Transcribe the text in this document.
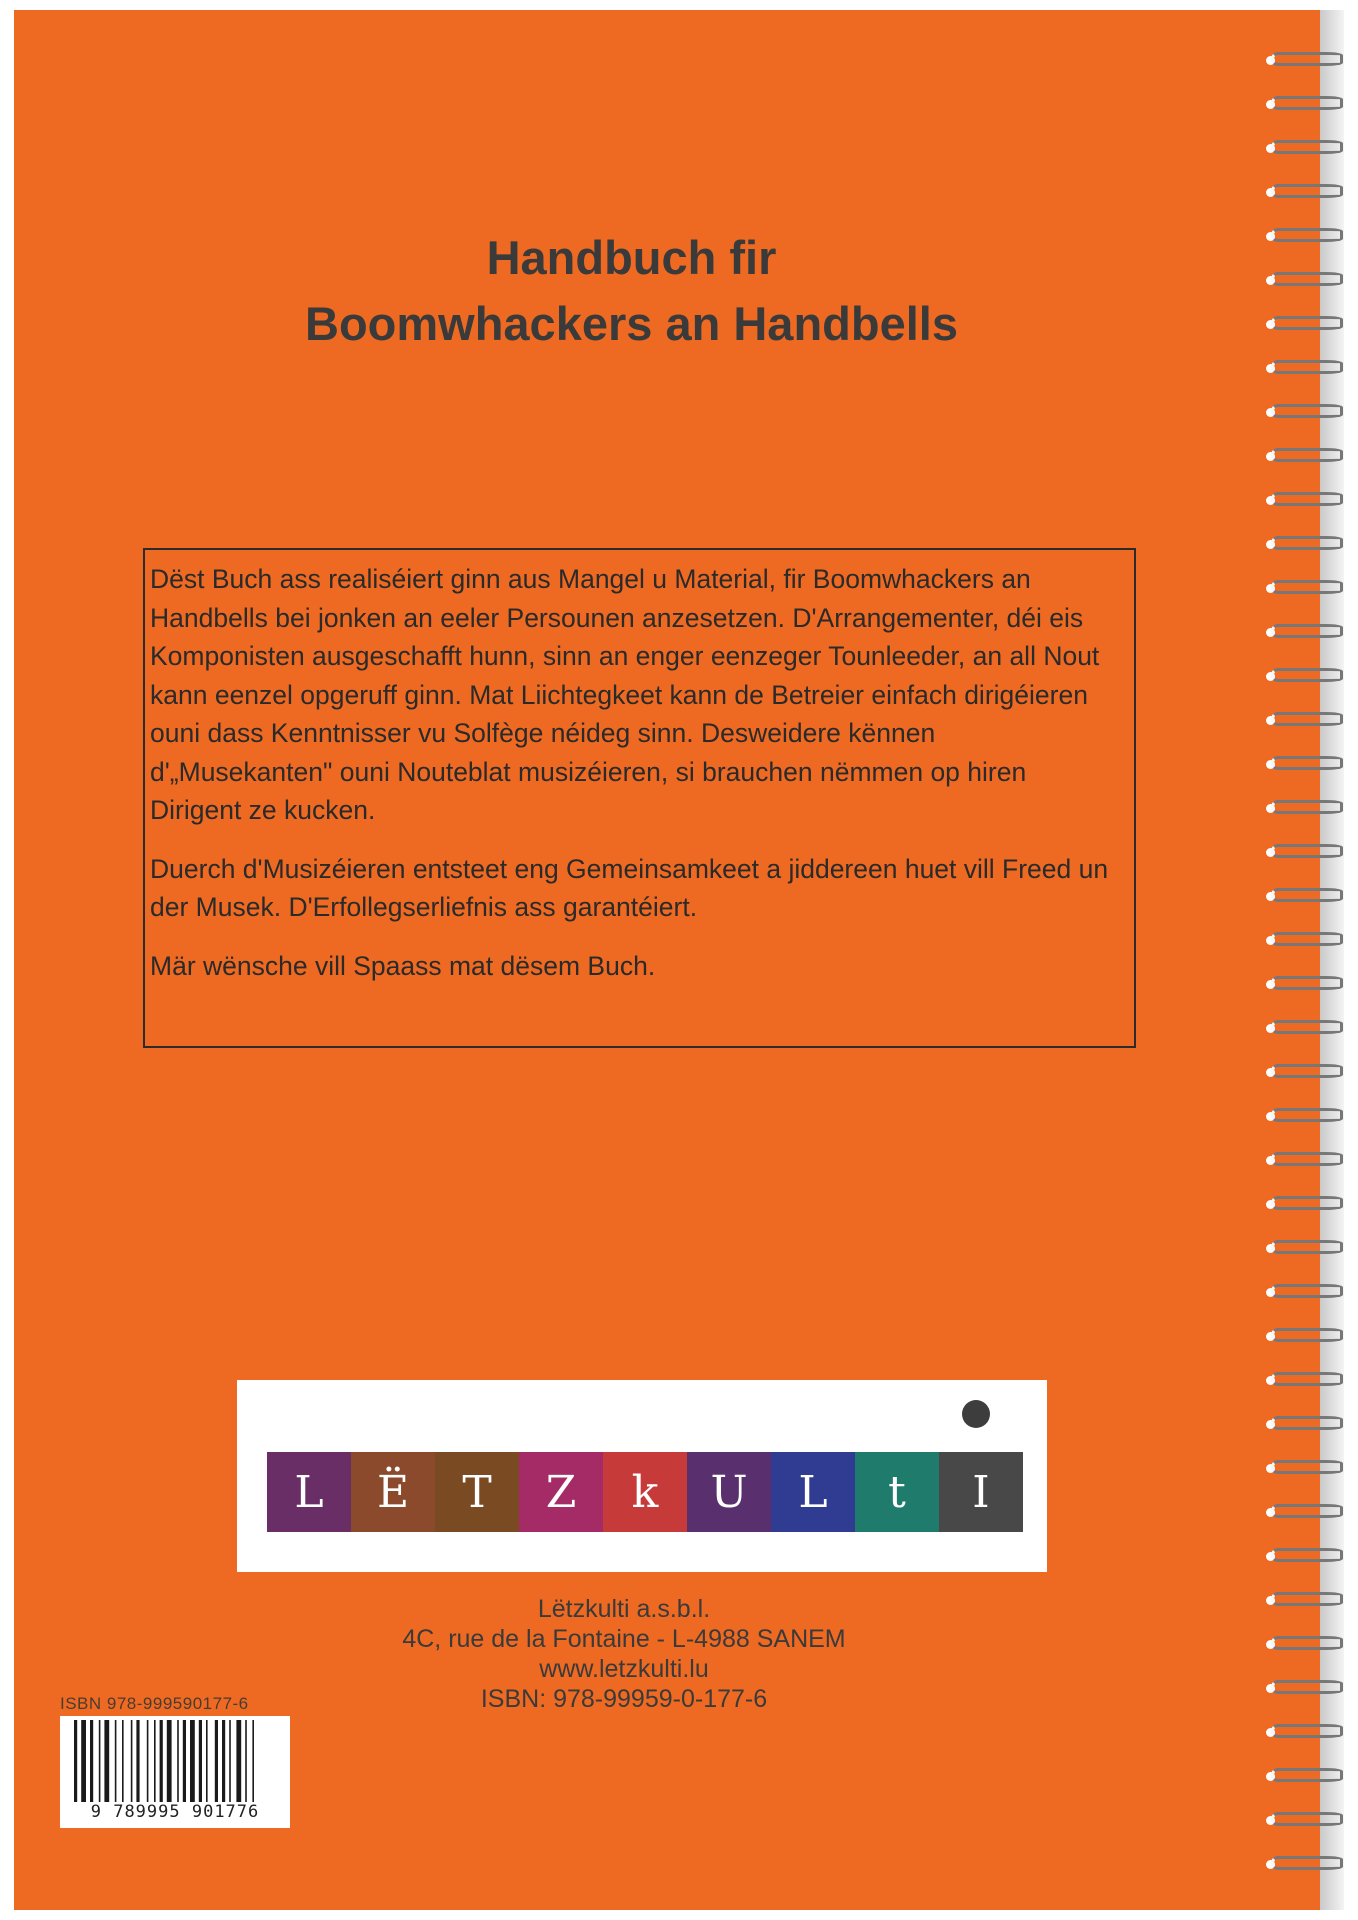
Handbuch fir
Boomwhackers an Handbells

Dëst Buch ass realiséiert ginn aus Mangel u Material, fir Boomwhackers an Handbells bei jonken an eeler Persounen anzesetzen. D'Arrangementer, déi eis Komponisten ausgeschafft hunn, sinn an enger eenzeger Tounleeder, an all Nout kann eenzel opgeruff ginn. Mat Liichtegkeet kann de Betreier einfach dirigéieren ouni dass Kenntnisser vu Solfège néideg sinn. Desweidere kënnen d'„Musekanten" ouni Nouteblat musizéieren, si brauchen nëmmen op hiren Dirigent ze kucken.

Duerch d'Musizéieren entsteet eng Gemeinsamkeet a jiddereen huet vill Freed un der Musek. D'Erfollegserliefnis ass garantéiert.

Mär wënsche vill Spaass mat dësem Buch.

L	Ë	T	Z	k	U	L	t	I
Lëtzkulti a.s.b.l.
4C, rue de la Fontaine - L-4988 SANEM
www.letzkulti.lu
ISBN: 978-99959-0-177-6
ISBN 978-999590177-6
9 789995 901776
